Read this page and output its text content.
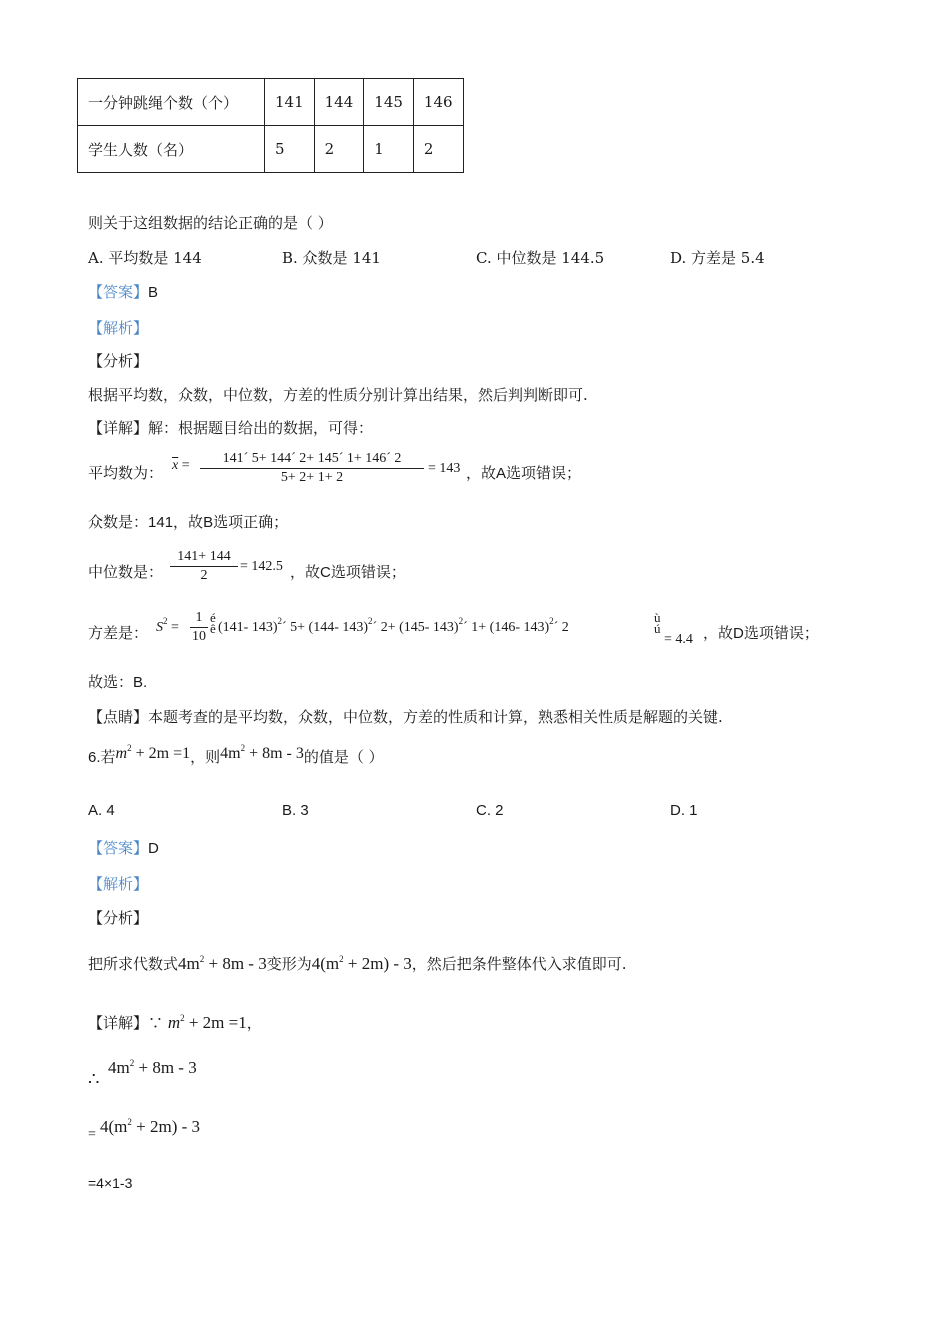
一分钟跳绳个数（个）	141	144	145	146
学生人数（名）	5	2	1	2
则关于这组数据的结论正确的是（ ）
A. 平均数是 144	B. 众数是 141	C. 中位数是 144.5	D. 方差是 5.4
【答案】B
【解析】
【分析】
根据平均数，众数，中位数，方差的性质分别计算出结果，然后判判断即可.
【详解】解：根据题目给出的数据，可得：
平均数为： $\overline{x}$ = 141´ 5+ 144´ 2+ 145´ 1+ 146´ 2
5+ 2+ 1+ 2
= 143 ，故A选项错误；
众数是：141，故B选项正确；
中位数是：
141+ 144
2
= 142.5 ，故C选项错误；
方差是： $S^2$ =
1
10
é
ê (141- 143)$^2$´ 5+ (144- 143)$^2$´ 2+ (145- 143)$^2$´ 1+ (146- 143)$^2$´ 2
ù
ú
= 4.4 ，故D选项错误；
故选：B.
【点睛】本题考查的是平均数，众数，中位数，方差的性质和计算，熟悉相关性质是解题的关键.
6.若$m^2 + 2m =1$，则$4m^2 + 8m - 3$的值是（ ）
A. 4	B. 3	C. 2	D. 1
【答案】D
【解析】
【分析】
把所求代数式$4m^2 + 8m - 3$变形为$4(m^2 + 2m) - 3$，然后把条件整体代入求值即可.
【详解】∵ $m^2 + 2m =1$，
∴
$4m^2 + 8m - 3$
= $4(m^2 + 2m) - 3$
=4×1-3
